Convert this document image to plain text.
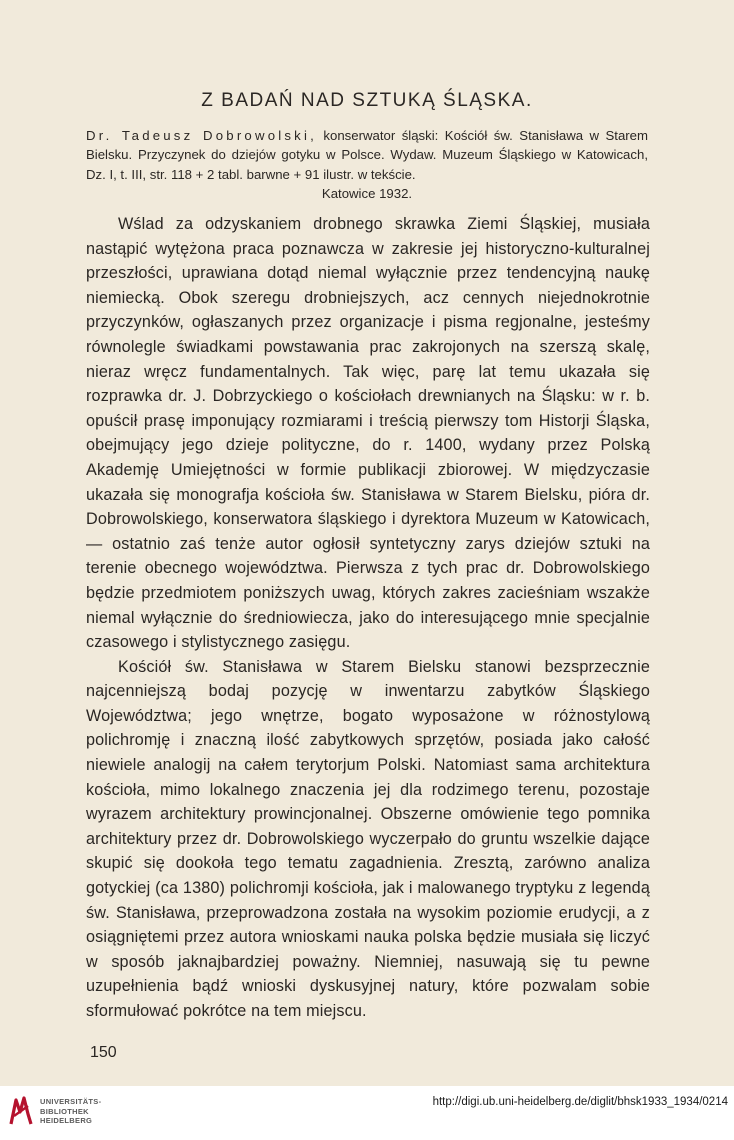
Z BADAŃ NAD SZTUKĄ ŚLĄSKA.
Dr. Tadeusz Dobrowolski, konserwator śląski: Kościół św. Stanisława w Starem Bielsku. Przyczynek do dziejów gotyku w Polsce. Wydaw. Muzeum Śląskiego w Katowicach, Dz. I, t. III, str. 118 + 2 tabl. barwne + 91 ilustr. w tekście.
Katowice 1932.

Wślad za odzyskaniem drobnego skrawka Ziemi Śląskiej, musiała nastąpić wytężona praca poznawcza w zakresie jej historyczno-kulturalnej przeszłości, uprawiana dotąd niemal wyłącznie przez tendencyjną naukę niemiecką. Obok szeregu drobniejszych, acz cennych niejednokrotnie przyczynków, ogłaszanych przez organizacje i pisma regjonalne, jesteśmy równolegle świadkami powstawania prac zakrojonych na szerszą skalę, nieraz wręcz fundamentalnych. Tak więc, parę lat temu ukazała się rozprawka dr. J. Dobrzyckiego o kościołach drewnianych na Śląsku: w r. b. opuścił prasę imponujący rozmiarami i treścią pierwszy tom Historji Śląska, obejmujący jego dzieje polityczne, do r. 1400, wydany przez Polską Akademję Umiejętności w formie publikacji zbiorowej. W międzyczasie ukazała się monografja kościoła św. Stanisława w Starem Bielsku, pióra dr. Dobrowolskiego, konserwatora śląskiego i dyrektora Muzeum w Katowicach, — ostatnio zaś tenże autor ogłosił syntetyczny zarys dziejów sztuki na terenie obecnego województwa. Pierwsza z tych prac dr. Dobrowolskiego będzie przedmiotem poniższych uwag, których zakres zacieśniam wszakże niemal wyłącznie do średniowiecza, jako do interesującego mnie specjalnie czasowego i stylistycznego zasięgu.

Kościół św. Stanisława w Starem Bielsku stanowi bezsprzecznie najcenniejszą bodaj pozycję w inwentarzu zabytków Śląskiego Województwa; jego wnętrze, bogato wyposażone w różnostylową polichromję i znaczną ilość zabytkowych sprzętów, posiada jako całość niewiele analogij na całem terytorjum Polski. Natomiast sama architektura kościoła, mimo lokalnego znaczenia jej dla rodzimego terenu, pozostaje wyrazem architektury prowincjonalnej. Obszerne omówienie tego pomnika architektury przez dr. Dobrowolskiego wyczerpało do gruntu wszelkie dające skupić się dookoła tego tematu zagadnienia. Zresztą, zarówno analiza gotyckiej (ca 1380) polichromji kościoła, jak i malowanego tryptyku z legendą św. Stanisława, przeprowadzona została na wysokim poziomie erudycji, a z osiągniętemi przez autora wnioskami nauka polska będzie musiała się liczyć w sposób jaknajbardziej poważny. Niemniej, nasuwają się tu pewne uzupełnienia bądź wnioski dyskusyjnej natury, które pozwalam sobie sformułować pokrótce na tem miejscu.

150
UNIVERSITÄTS-
BIBLIOTHEK
HEIDELBERG
http://digi.ub.uni-heidelberg.de/diglit/bhsk1933_1934/0214
